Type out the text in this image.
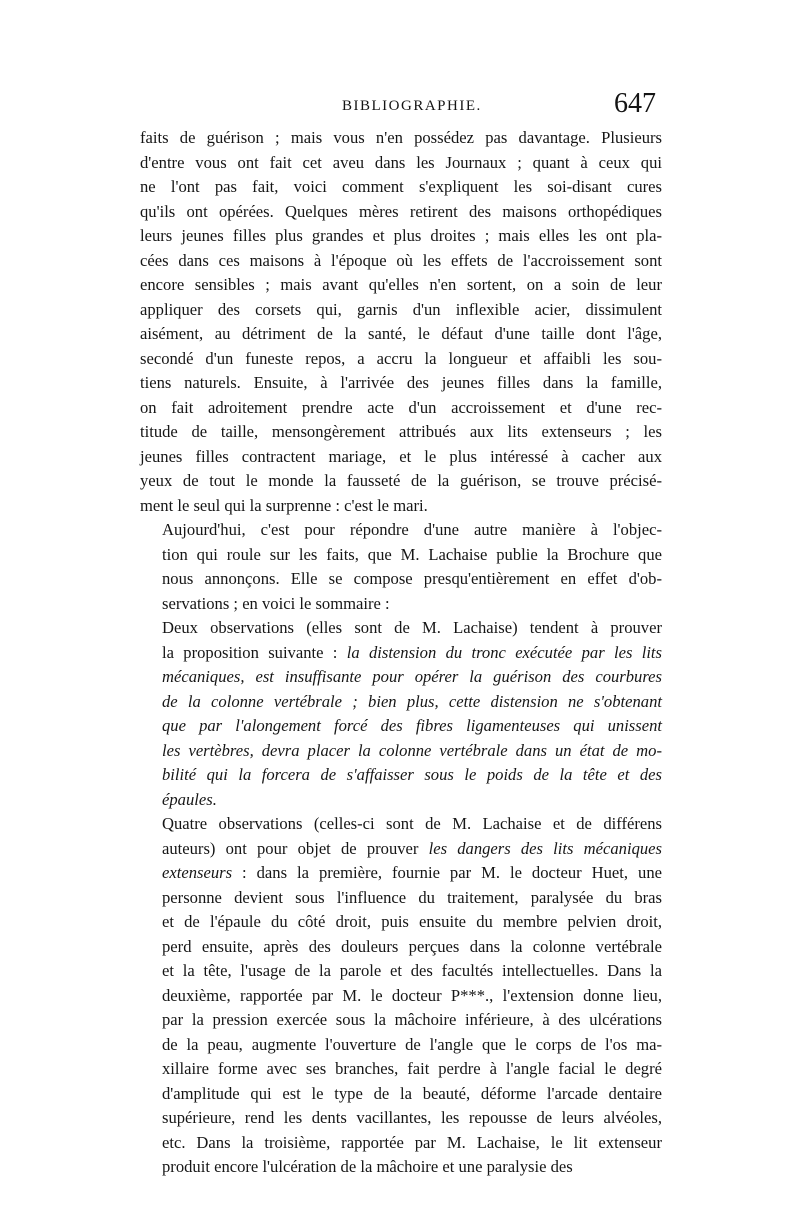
BIBLIOGRAPHIE.	647
faits de guérison ; mais vous n'en possédez pas davantage. Plusieurs
d'entre vous ont fait cet aveu dans les Journaux ; quant à ceux qui
ne l'ont pas fait, voici comment s'expliquent les soi-disant cures
qu'ils ont opérées. Quelques mères retirent des maisons orthopédiques
leurs jeunes filles plus grandes et plus droites ; mais elles les ont pla-
cées dans ces maisons à l'époque où les effets de l'accroissement sont
encore sensibles ; mais avant qu'elles n'en sortent, on a soin de leur
appliquer des corsets qui, garnis d'un inflexible acier, dissimulent
aisément, au détriment de la santé, le défaut d'une taille dont l'âge,
secondé d'un funeste repos, a accru la longueur et affaibli les sou-
tiens naturels. Ensuite, à l'arrivée des jeunes filles dans la famille,
on fait adroitement prendre acte d'un accroissement et d'une rec-
titude de taille, mensongèrement attribués aux lits extenseurs ; les
jeunes filles contractent mariage, et le plus intéressé à cacher aux
yeux de tout le monde la fausseté de la guérison, se trouve précisé-
ment le seul qui la surprenne : c'est le mari.
Aujourd'hui, c'est pour répondre d'une autre manière à l'objec-
tion qui roule sur les faits, que M. Lachaise publie la Brochure que
nous annonçons. Elle se compose presqu'entièrement en effet d'ob-
servations ; en voici le sommaire :
Deux observations (elles sont de M. Lachaise) tendent à prouver
la proposition suivante : la distension du tronc exécutée par les lits
mécaniques, est insuffisante pour opérer la guérison des courbures
de la colonne vertébrale ; bien plus, cette distension ne s'obtenant
que par l'alongement forcé des fibres ligamenteuses qui unissent
les vertèbres, devra placer la colonne vertébrale dans un état de mo-
bilité qui la forcera de s'affaisser sous le poids de la tête et des
épaules.
Quatre observations (celles-ci sont de M. Lachaise et de différens
auteurs) ont pour objet de prouver les dangers des lits mécaniques
extenseurs : dans la première, fournie par M. le docteur Huet, une
personne devient sous l'influence du traitement, paralysée du bras
et de l'épaule du côté droit, puis ensuite du membre pelvien droit,
perd ensuite, après des douleurs perçues dans la colonne vertébrale
et la tête, l'usage de la parole et des facultés intellectuelles. Dans la
deuxième, rapportée par M. le docteur P***., l'extension donne lieu,
par la pression exercée sous la mâchoire inférieure, à des ulcérations
de la peau, augmente l'ouverture de l'angle que le corps de l'os ma-
xillaire forme avec ses branches, fait perdre à l'angle facial le degré
d'amplitude qui est le type de la beauté, déforme l'arcade dentaire
supérieure, rend les dents vacillantes, les repousse de leurs alvéoles,
etc. Dans la troisième, rapportée par M. Lachaise, le lit extenseur
produit encore l'ulcération de la mâchoire et une paralysie des
